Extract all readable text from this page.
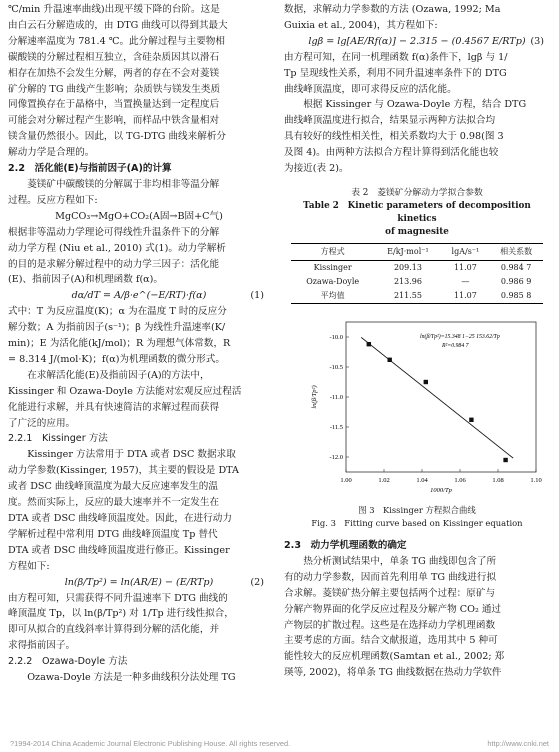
℃/min 升温速率曲线)出现平缓下降的台阶。这是
由白云石分解造成的，由 DTG 曲线可以得到其最大
分解速率温度为 781.4 ℃。此分解过程与主要物相
碳酸镁的分解过程相互独立，含硅杂质因其以滑石
相存在加热不会发生分解，两者的存在不会对菱镁
矿分解的 TG 曲线产生影响；杂质铁与镁发生类质
同像置换存在于晶格中，当置换量达到一定程度后
可能会对分解过程产生影响，而样品中铁含量相对
镁含量仍然很小。因此，以 TG-DTG 曲线来解析分
解动力学是合理的。
2.2　活化能(E)与指前因子(A)的计算
菱镁矿中碳酸镁的分解属于非均相非等温分解
过程。反应方程如下:
MgCO₃→MgO+CO₂(A固→B固+C气)
根据非等温动力学理论可得线性升温条件下的分解
动力学方程 (Niu et al., 2010) 式(1)。动力学解析
的目的是求解分解过程中的动力学三因子：活化能
(E)、指前因子(A)和机理函数 f(α)。
dα/dT = A/β·e^(−E/RT)·f(α)	(1)
式中：T 为反应温度(K)；α 为在温度 T 时的反应分
解分数；A 为指前因子(s⁻¹)；β 为线性升温速率(K/
min)；E 为活化能(kJ/mol)；R 为理想气体常数，R
= 8.314 J/(mol·K)；f(α)为机理函数的微分形式。
在求解活化能(E)及指前因子(A)的方法中，
Kissinger 和 Ozawa-Doyle 方法能对宏观反应过程活
化能进行求解，并具有快速简洁的求解过程而获得
了广泛的应用。
2.2.1　Kissinger 方法
Kissinger 方法常用于 DTA 或者 DSC 数据求取
动力学参数(Kissinger, 1957)，其主要的假设是 DTA
或者 DSC 曲线峰顶温度为最大反应速率发生的温
度。然而实际上，反应的最大速率并不一定发生在
DTA 或者 DSC 曲线峰顶温度处。因此，在进行动力
学解析过程中常利用 DTG 曲线峰顶温度 Tp 替代
DTA 或者 DSC 曲线峰顶温度进行修正。Kissinger
方程如下:
ln(β/Tp²) = ln(AR/E) − (E/RTp)	(2)
由方程可知，只需获得不同升温速率下 DTG 曲线的
峰顶温度 Tp，以 ln(β/Tp²) 对 1/Tp 进行线性拟合，
即可从拟合的直线斜率计算得到分解的活化能，并
求得指前因子。
2.2.2　Ozawa-Doyle 方法
Ozawa-Doyle 方法是一种多曲线积分法处理 TG
数据，求解动力学参数的方法 (Ozawa, 1992; Ma
Guixia et al., 2004)，其方程如下:
lgβ = lg[AE/Rf(α)] − 2.315 − (0.4567 E/RTp) (3)
由方程可知，在同一机理函数 f(α)条件下，lgβ 与 1/
Tp 呈现线性关系，利用不同升温速率条件下的 DTG
曲线峰顶温度，即可求得反应的活化能。
根据 Kissinger 与 Ozawa-Doyle 方程，结合 DTG
曲线峰顶温度进行拟合，结果显示两种方法拟合均
具有较好的线性相关性，相关系数均大于 0.98(图 3
及图 4)。由两种方法拟合方程计算得到活化能也较
为接近(表 2)。
表 2　菱镁矿分解动力学拟合参数
Table 2　Kinetic parameters of decomposition kinetics
of magnesite
方程式	E/kJ·mol⁻¹	lgA/s⁻¹	相关系数
Kissinger	209.13	11.07	0.984 7
Ozawa-Doyle	213.96	—	0.986 9
平均值	211.55	11.07	0.985 8
1.00	1.02	1.04	1.06	1.08	1.10
-10.0
-10.5
-11.0
-11.5
-12.0
ln(β/Tp²)=15.348 1−25 153.62/Tp
R²=0.984 7
1000/Tp
ln(β/Tp²)
图 3　Kissinger 方程拟合曲线
Fig. 3　Fitting curve based on Kissinger equation
2.3　动力学机理函数的确定
热分析测试结果中，单条 TG 曲线即包含了所
有的动力学参数，因而首先利用单 TG 曲线进行拟
合求解。菱镁矿热分解主要包括两个过程：原矿与
分解产物界面的化学反应过程及分解产物 CO₂ 通过
产物层的扩散过程。这些是在选择动力学机理函数
主要考虑的方面。结合文献报道，选用其中 5 种可
能性较大的反应机理函数(Samtan et al., 2002; 郑
瑛等, 2002)，将单条 TG 曲线数据在热动力学软件
?1994-2014 China Academic Journal Electronic Publishing House. All rights reserved.	http://www.cnki.net
